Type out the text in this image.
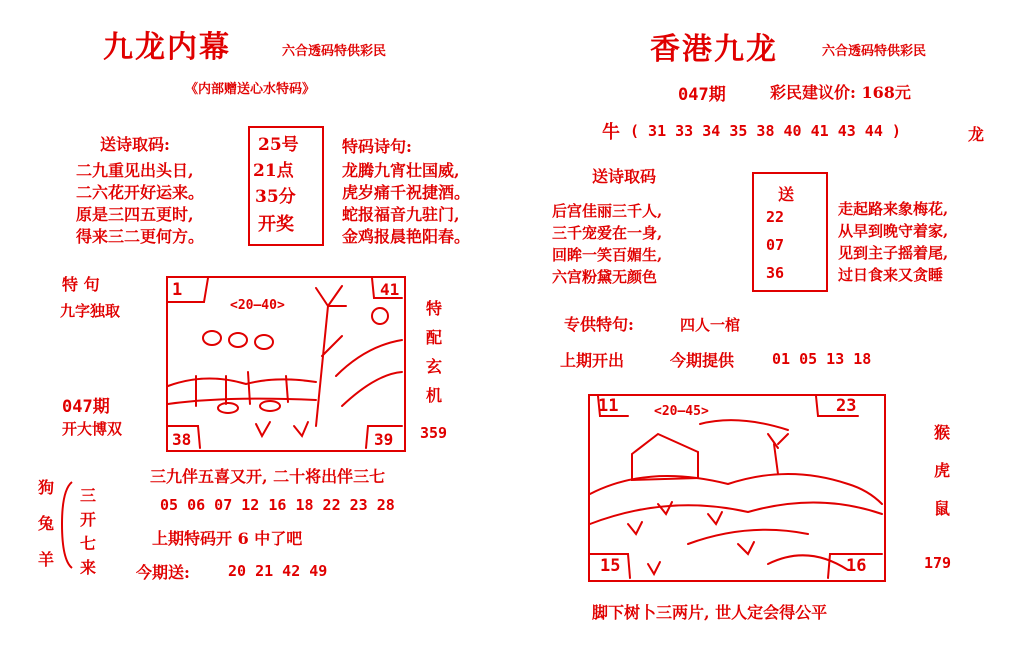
九龙内幕	六合透码特供彩民
《内部赠送心水特码》
送诗取码:
二九重见出头日,
二六花开好运来。
原是三四五更时,
得来三二更何方。
25号
21点
35分
开奖
特码诗句:
龙腾九宵壮国威,
虎岁痛千祝捷酒。
蛇报福音九驻门,
金鸡报晨艳阳春。
特 句
九字独取
047期
开大博双
1	41
38	39
<20—40>	特
配
玄
机
359
三九伴五喜又开, 二十将出伴三七
05 06 07 12 16 18 22 23 28
上期特码开 6 中了吧
今期送:	20 21 42 49
狗
兔
羊
三
开
七
来
香港九龙	六合透码特供彩民
047期	彩民建议价: 168元
牛 ( 31 33 34 35 38 40 41 43 44 )	龙
送诗取码
后宫佳丽三千人,
三千宠爱在一身,
回眸一笑百媚生,
六宫粉黛无颜色
送
22
07
36
走起路来象梅花,
从早到晚守着家,
见到主子摇着尾,
过日食来又贪睡
专供特句:	四人一棺
上期开出	今期提供	01 05 13 18
11	23
15	16
<20—45>
猴
虎
鼠
179
脚下树卜三两片, 世人定会得公平
